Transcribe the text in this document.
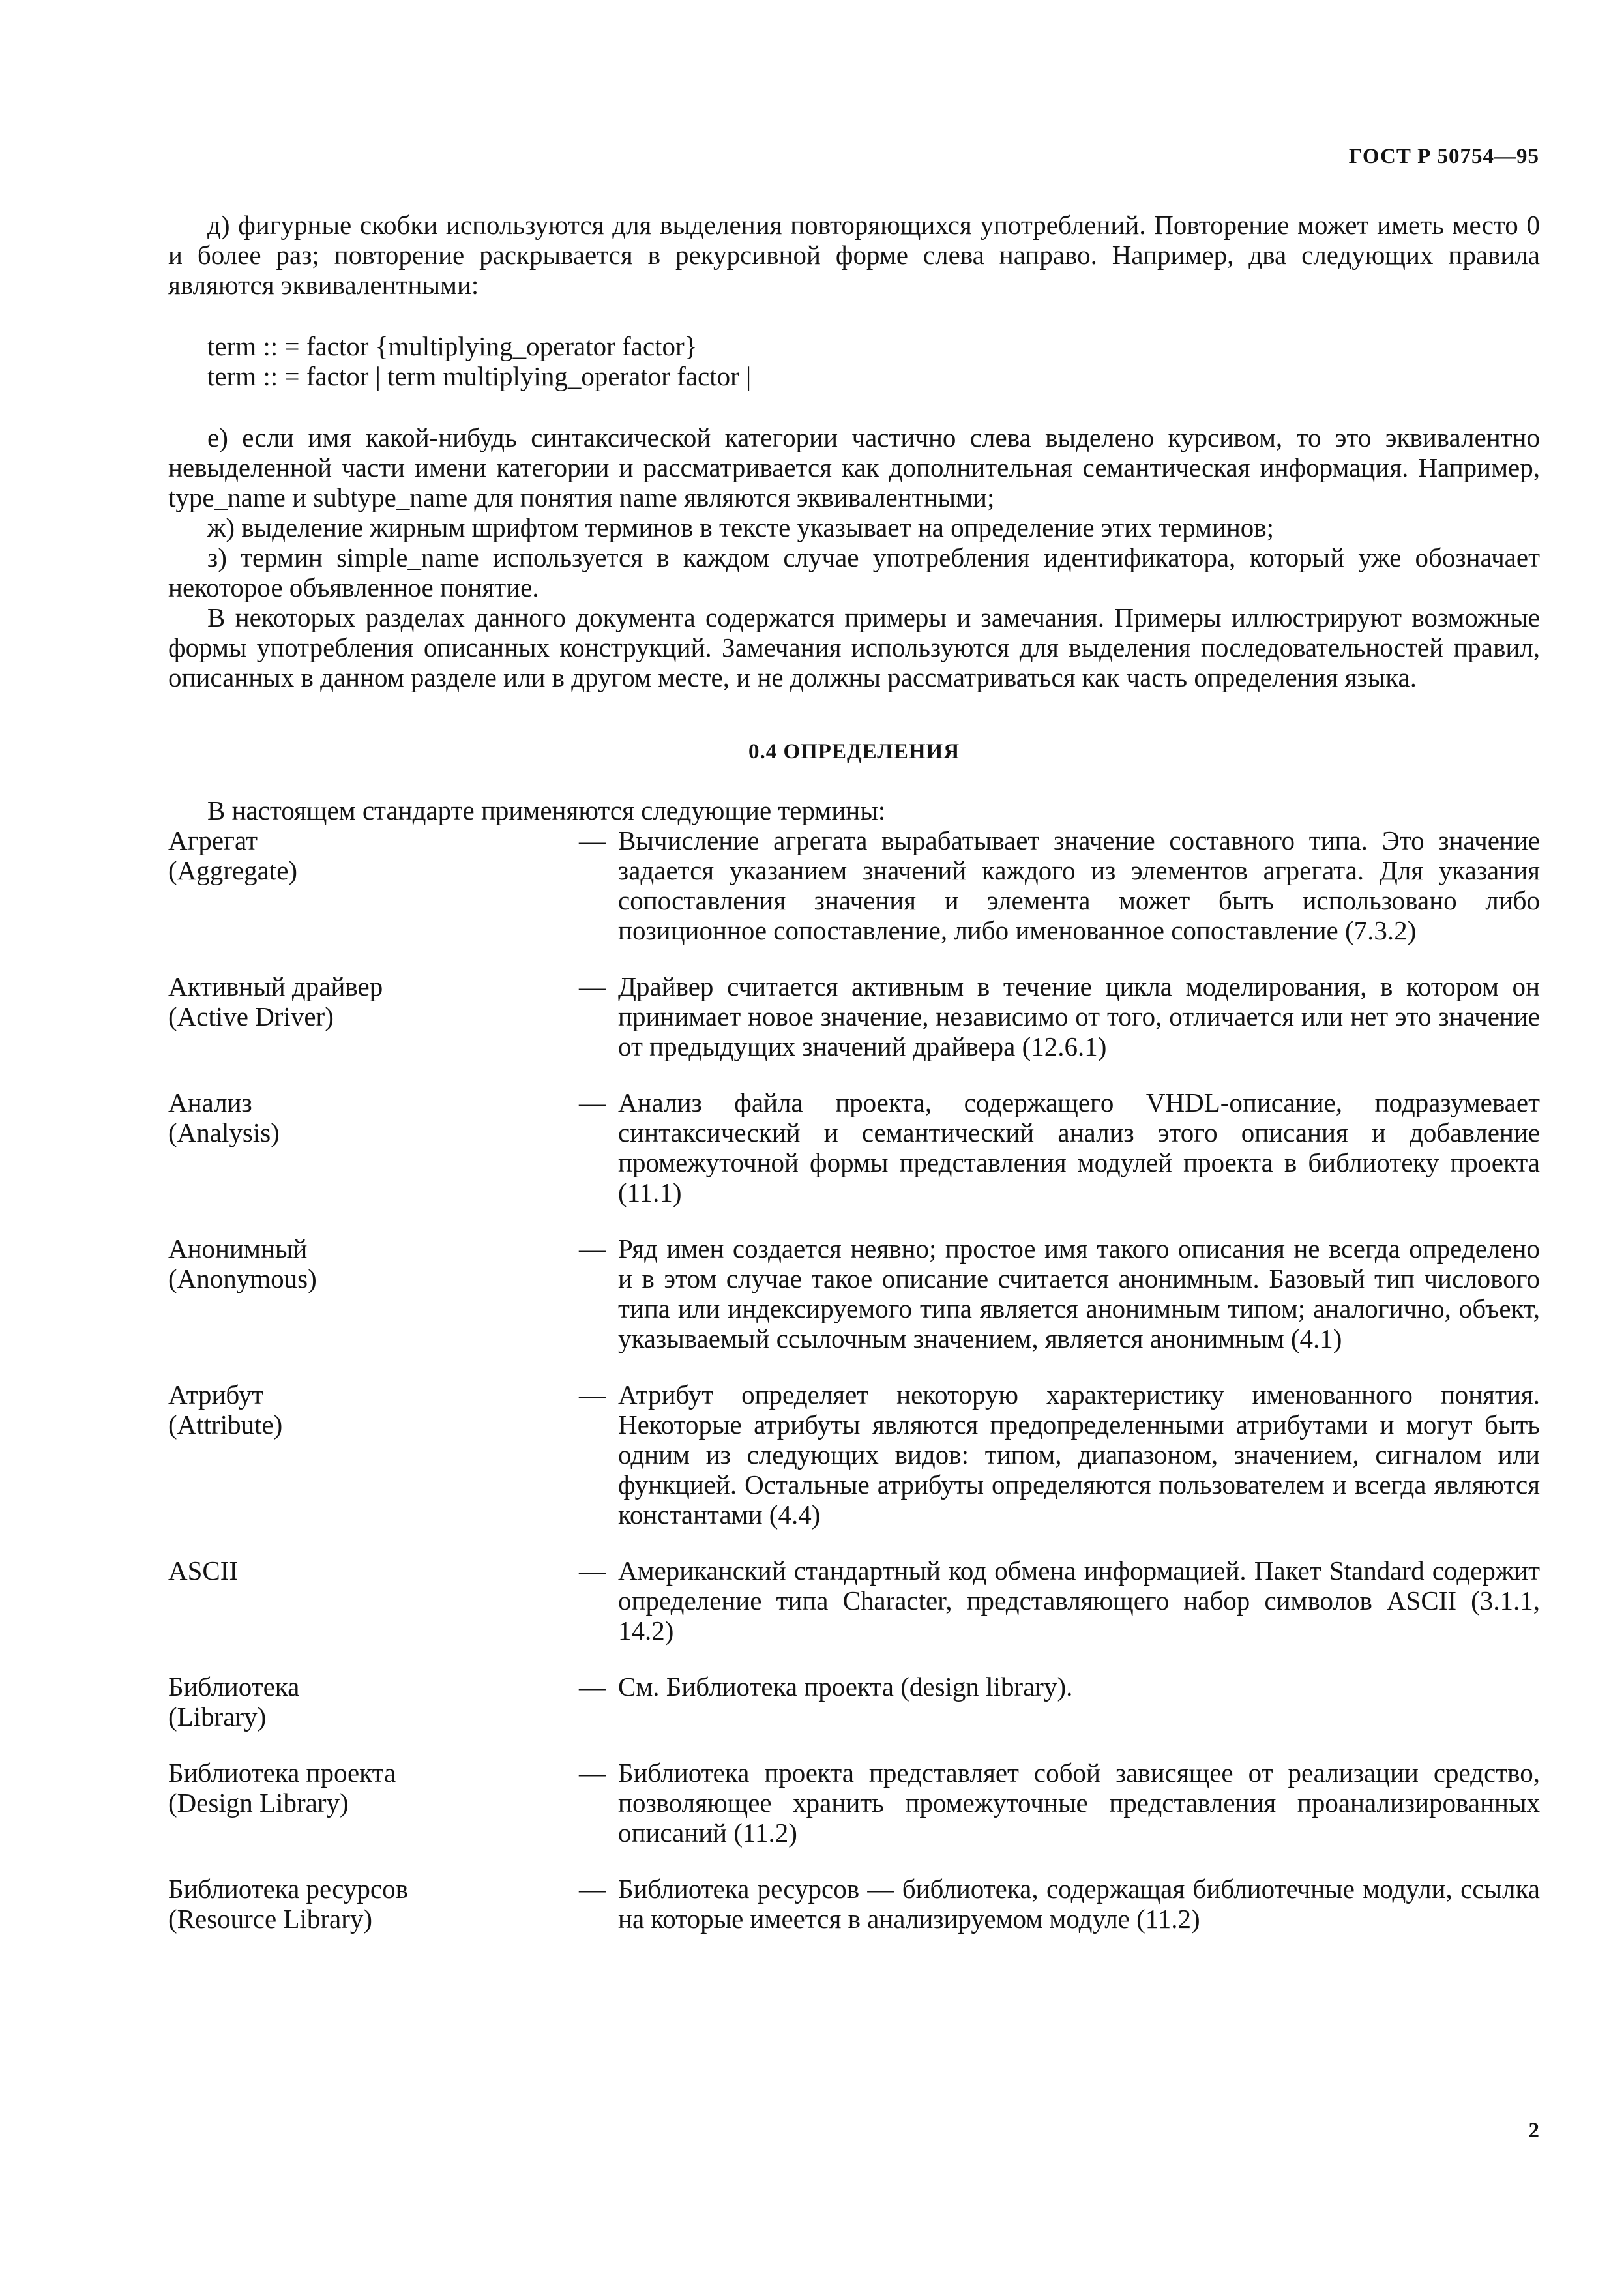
ГОСТ Р 50754—95

д) фигурные скобки используются для выделения повторяющихся употреблений. Повторение может иметь место 0 и более раз; повторение раскрывается в рекурсивной форме слева направо. Например, два следующих правила являются эквивалентными:

term :: = factor {multiplying_operator factor}
term :: = factor | term multiplying_operator factor |

е) если имя какой-нибудь синтаксической категории частично слева выделено курсивом, то это эквивалентно невыделенной части имени категории и рассматривается как дополнительная семантическая информация. Например, type_name и subtype_name для понятия name являются эквивалентными;

ж) выделение жирным шрифтом терминов в тексте указывает на определение этих терминов;

з) термин simple_name используется в каждом случае употребления идентификатора, который уже обозначает некоторое объявленное понятие.

В некоторых разделах данного документа содержатся примеры и замечания. Примеры иллюстрируют возможные формы употребления описанных конструкций. Замечания используются для выделения последовательностей правил, описанных в данном разделе или в другом месте, и не должны рассматриваться как часть определения языка.

0.4 ОПРЕДЕЛЕНИЯ

В настоящем стандарте применяются следующие термины:

Агрегат
(Aggregate)
— Вычисление агрегата вырабатывает значение составного типа. Это значение задается указанием значений каждого из элементов агрегата. Для указания сопоставления значения и элемента может быть использовано либо позиционное сопоставление, либо именованное сопоставление (7.3.2)
Активный драйвер
(Active Driver)
— Драйвер считается активным в течение цикла моделирования, в котором он принимает новое значение, независимо от того, отличается или нет это значение от предыдущих значений драйвера (12.6.1)
Анализ
(Analysis)
— Анализ файла проекта, содержащего VHDL-описание, подразумевает синтаксический и семантический анализ этого описания и добавление промежуточной формы представления модулей проекта в библиотеку проекта (11.1)
Анонимный
(Anonymous)
— Ряд имен создается неявно; простое имя такого описания не всегда определено и в этом случае такое описание считается анонимным. Базовый тип числового типа или индексируемого типа является анонимным типом; аналогично, объект, указываемый ссылочным значением, является анонимным (4.1)
Атрибут
(Attribute)
— Атрибут определяет некоторую характеристику именованного понятия. Некоторые атрибуты являются предопределенными атрибутами и могут быть одним из следующих видов: типом, диапазоном, значением, сигналом или функцией. Остальные атрибуты определяются пользователем и всегда являются константами (4.4)
ASCII	— Американский стандартный код обмена информацией. Пакет Standard содержит определение типа Character, представляющего набор символов ASCII (3.1.1, 14.2)
Библиотека
(Library)
— См. Библиотека проекта (design library).
Библиотека проекта
(Design Library)
— Библиотека проекта представляет собой зависящее от реализации средство, позволяющее хранить промежуточные представления проанализированных описаний (11.2)
Библиотека ресурсов
(Resource Library)
— Библиотека ресурсов — библиотека, содержащая библиотечные модули, ссылка на которые имеется в анализируемом модуле (11.2)
2
